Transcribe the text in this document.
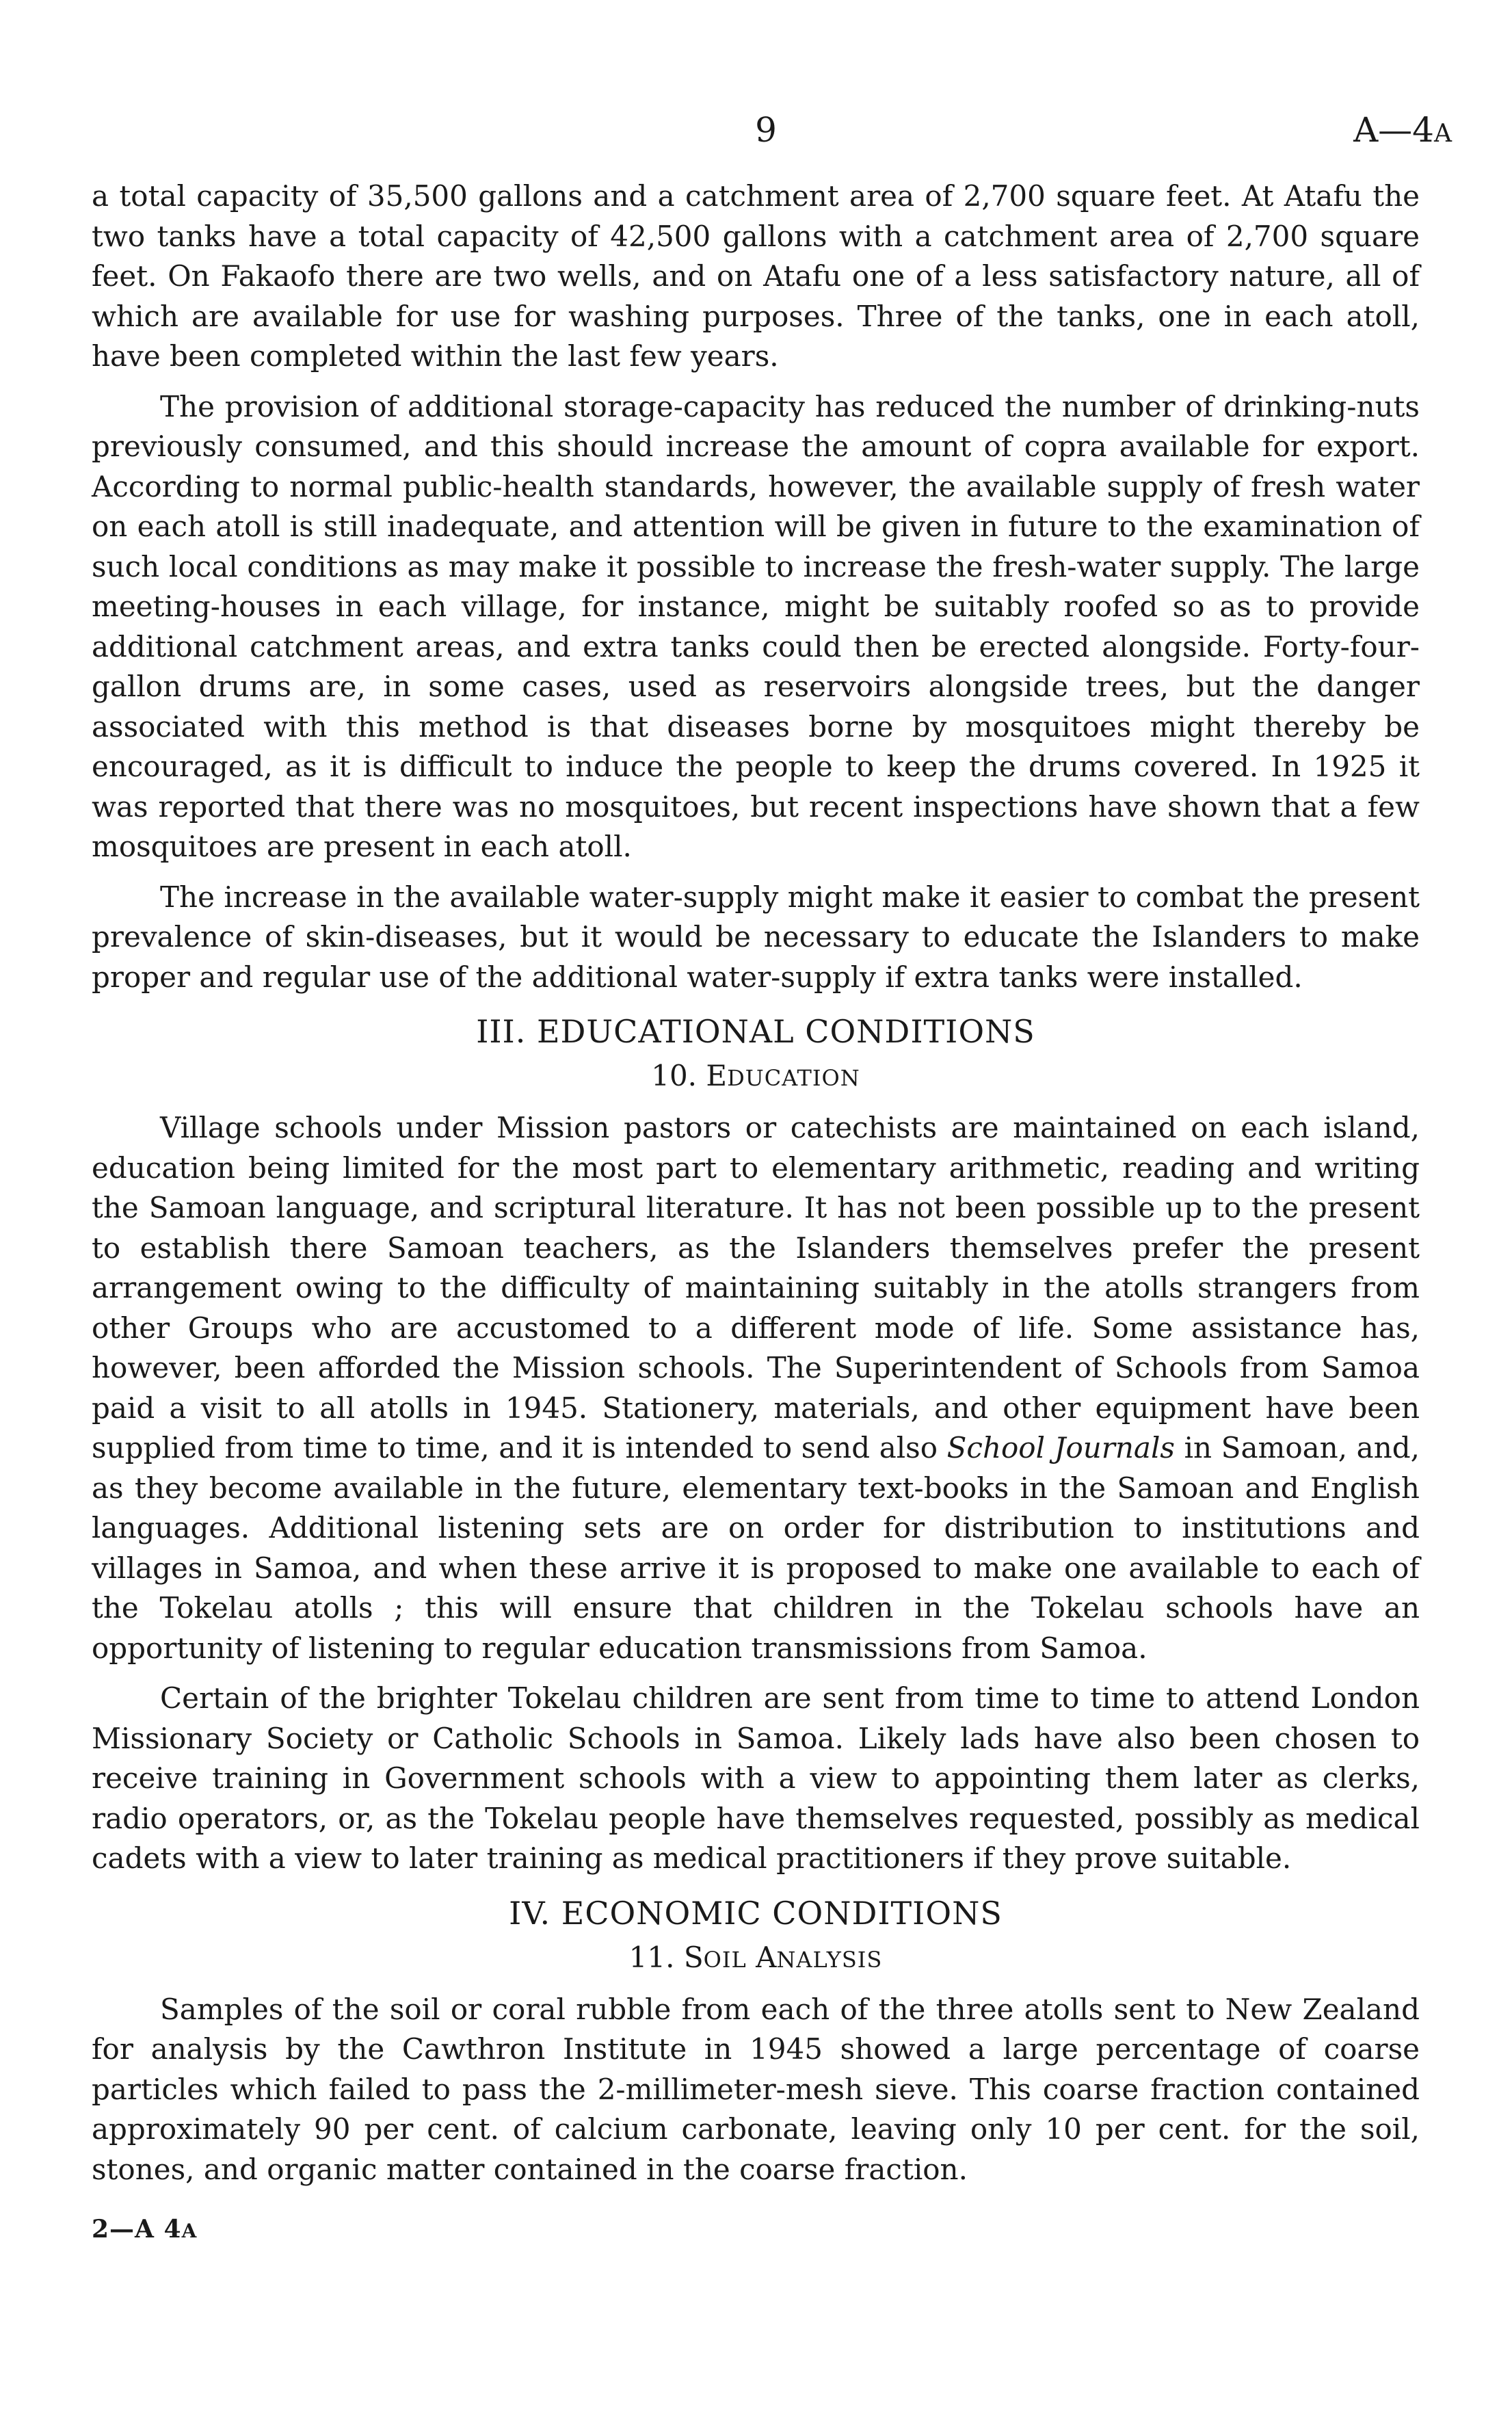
9	A—4A

a total capacity of 35,500 gallons and a catchment area of 2,700 square feet. At Atafu the two tanks have a total capacity of 42,500 gallons with a catchment area of 2,700 square feet. On Fakaofo there are two wells, and on Atafu one of a less satisfactory nature, all of which are available for use for washing purposes. Three of the tanks, one in each atoll, have been completed within the last few years.

The provision of additional storage-capacity has reduced the number of drinking-nuts previously consumed, and this should increase the amount of copra available for export. According to normal public-health standards, however, the available supply of fresh water on each atoll is still inadequate, and attention will be given in future to the examination of such local conditions as may make it possible to increase the fresh-water supply. The large meeting-houses in each village, for instance, might be suitably roofed so as to provide additional catchment areas, and extra tanks could then be erected alongside. Forty-four-gallon drums are, in some cases, used as reservoirs alongside trees, but the danger associated with this method is that diseases borne by mosquitoes might thereby be encouraged, as it is difficult to induce the people to keep the drums covered. In 1925 it was reported that there was no mosquitoes, but recent inspections have shown that a few mosquitoes are present in each atoll.

The increase in the available water-supply might make it easier to combat the present prevalence of skin-diseases, but it would be necessary to educate the Islanders to make proper and regular use of the additional water-supply if extra tanks were installed.

III. EDUCATIONAL CONDITIONS
10. EDUCATION

Village schools under Mission pastors or catechists are maintained on each island, education being limited for the most part to elementary arithmetic, reading and writing the Samoan language, and scriptural literature. It has not been possible up to the present to establish there Samoan teachers, as the Islanders themselves prefer the present arrangement owing to the difficulty of maintaining suitably in the atolls strangers from other Groups who are accustomed to a different mode of life. Some assistance has, however, been afforded the Mission schools. The Superintendent of Schools from Samoa paid a visit to all atolls in 1945. Stationery, materials, and other equipment have been supplied from time to time, and it is intended to send also School Journals in Samoan, and, as they become available in the future, elementary text-books in the Samoan and English languages. Additional listening sets are on order for distribution to institutions and villages in Samoa, and when these arrive it is proposed to make one available to each of the Tokelau atolls ; this will ensure that children in the Tokelau schools have an opportunity of listening to regular education transmissions from Samoa.

Certain of the brighter Tokelau children are sent from time to time to attend London Missionary Society or Catholic Schools in Samoa. Likely lads have also been chosen to receive training in Government schools with a view to appointing them later as clerks, radio operators, or, as the Tokelau people have themselves requested, possibly as medical cadets with a view to later training as medical practitioners if they prove suitable.

IV. ECONOMIC CONDITIONS
11. SOIL ANALYSIS

Samples of the soil or coral rubble from each of the three atolls sent to New Zealand for analysis by the Cawthron Institute in 1945 showed a large percentage of coarse particles which failed to pass the 2-millimeter-mesh sieve. This coarse fraction contained approximately 90 per cent. of calcium carbonate, leaving only 10 per cent. for the soil, stones, and organic matter contained in the coarse fraction.

2—A 4A
